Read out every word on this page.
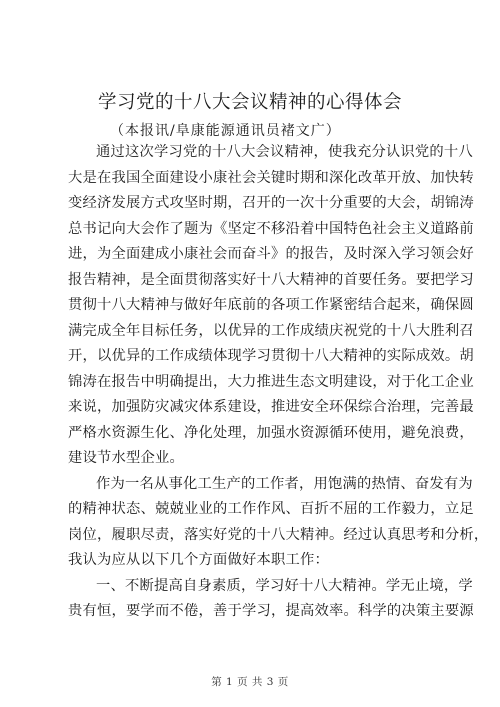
学习党的十八大会议精神的心得体会
（本报讯/阜康能源通讯员褚文广）
通过这次学习党的十八大会议精神，使我充分认识党的十八
大是在我国全面建设小康社会关键时期和深化改革开放、加快转
变经济发展方式攻坚时期，召开的一次十分重要的大会，胡锦涛
总书记向大会作了题为《坚定不移沿着中国特色社会主义道路前
进，为全面建成小康社会而奋斗》的报告，及时深入学习领会好
报告精神，是全面贯彻落实好十八大精神的首要任务。要把学习
贯彻十八大精神与做好年底前的各项工作紧密结合起来，确保圆
满完成全年目标任务，以优异的工作成绩庆祝党的十八大胜利召
开，以优异的工作成绩体现学习贯彻十八大精神的实际成效。胡
锦涛在报告中明确提出，大力推进生态文明建设，对于化工企业
来说，加强防灾减灾体系建设，推进安全环保综合治理，完善最
严格水资源生化、净化处理，加强水资源循环使用，避免浪费，
建设节水型企业。
作为一名从事化工生产的工作者，用饱满的热情、奋发有为
的精神状态、兢兢业业的工作作风、百折不屈的工作毅力，立足
岗位，履职尽责，落实好党的十八大精神。经过认真思考和分析，
我认为应从以下几个方面做好本职工作：
一、不断提高自身素质，学习好十八大精神。学无止境，学
贵有恒，要学而不倦，善于学习，提高效率。科学的决策主要源
第 1 页 共 3 页
